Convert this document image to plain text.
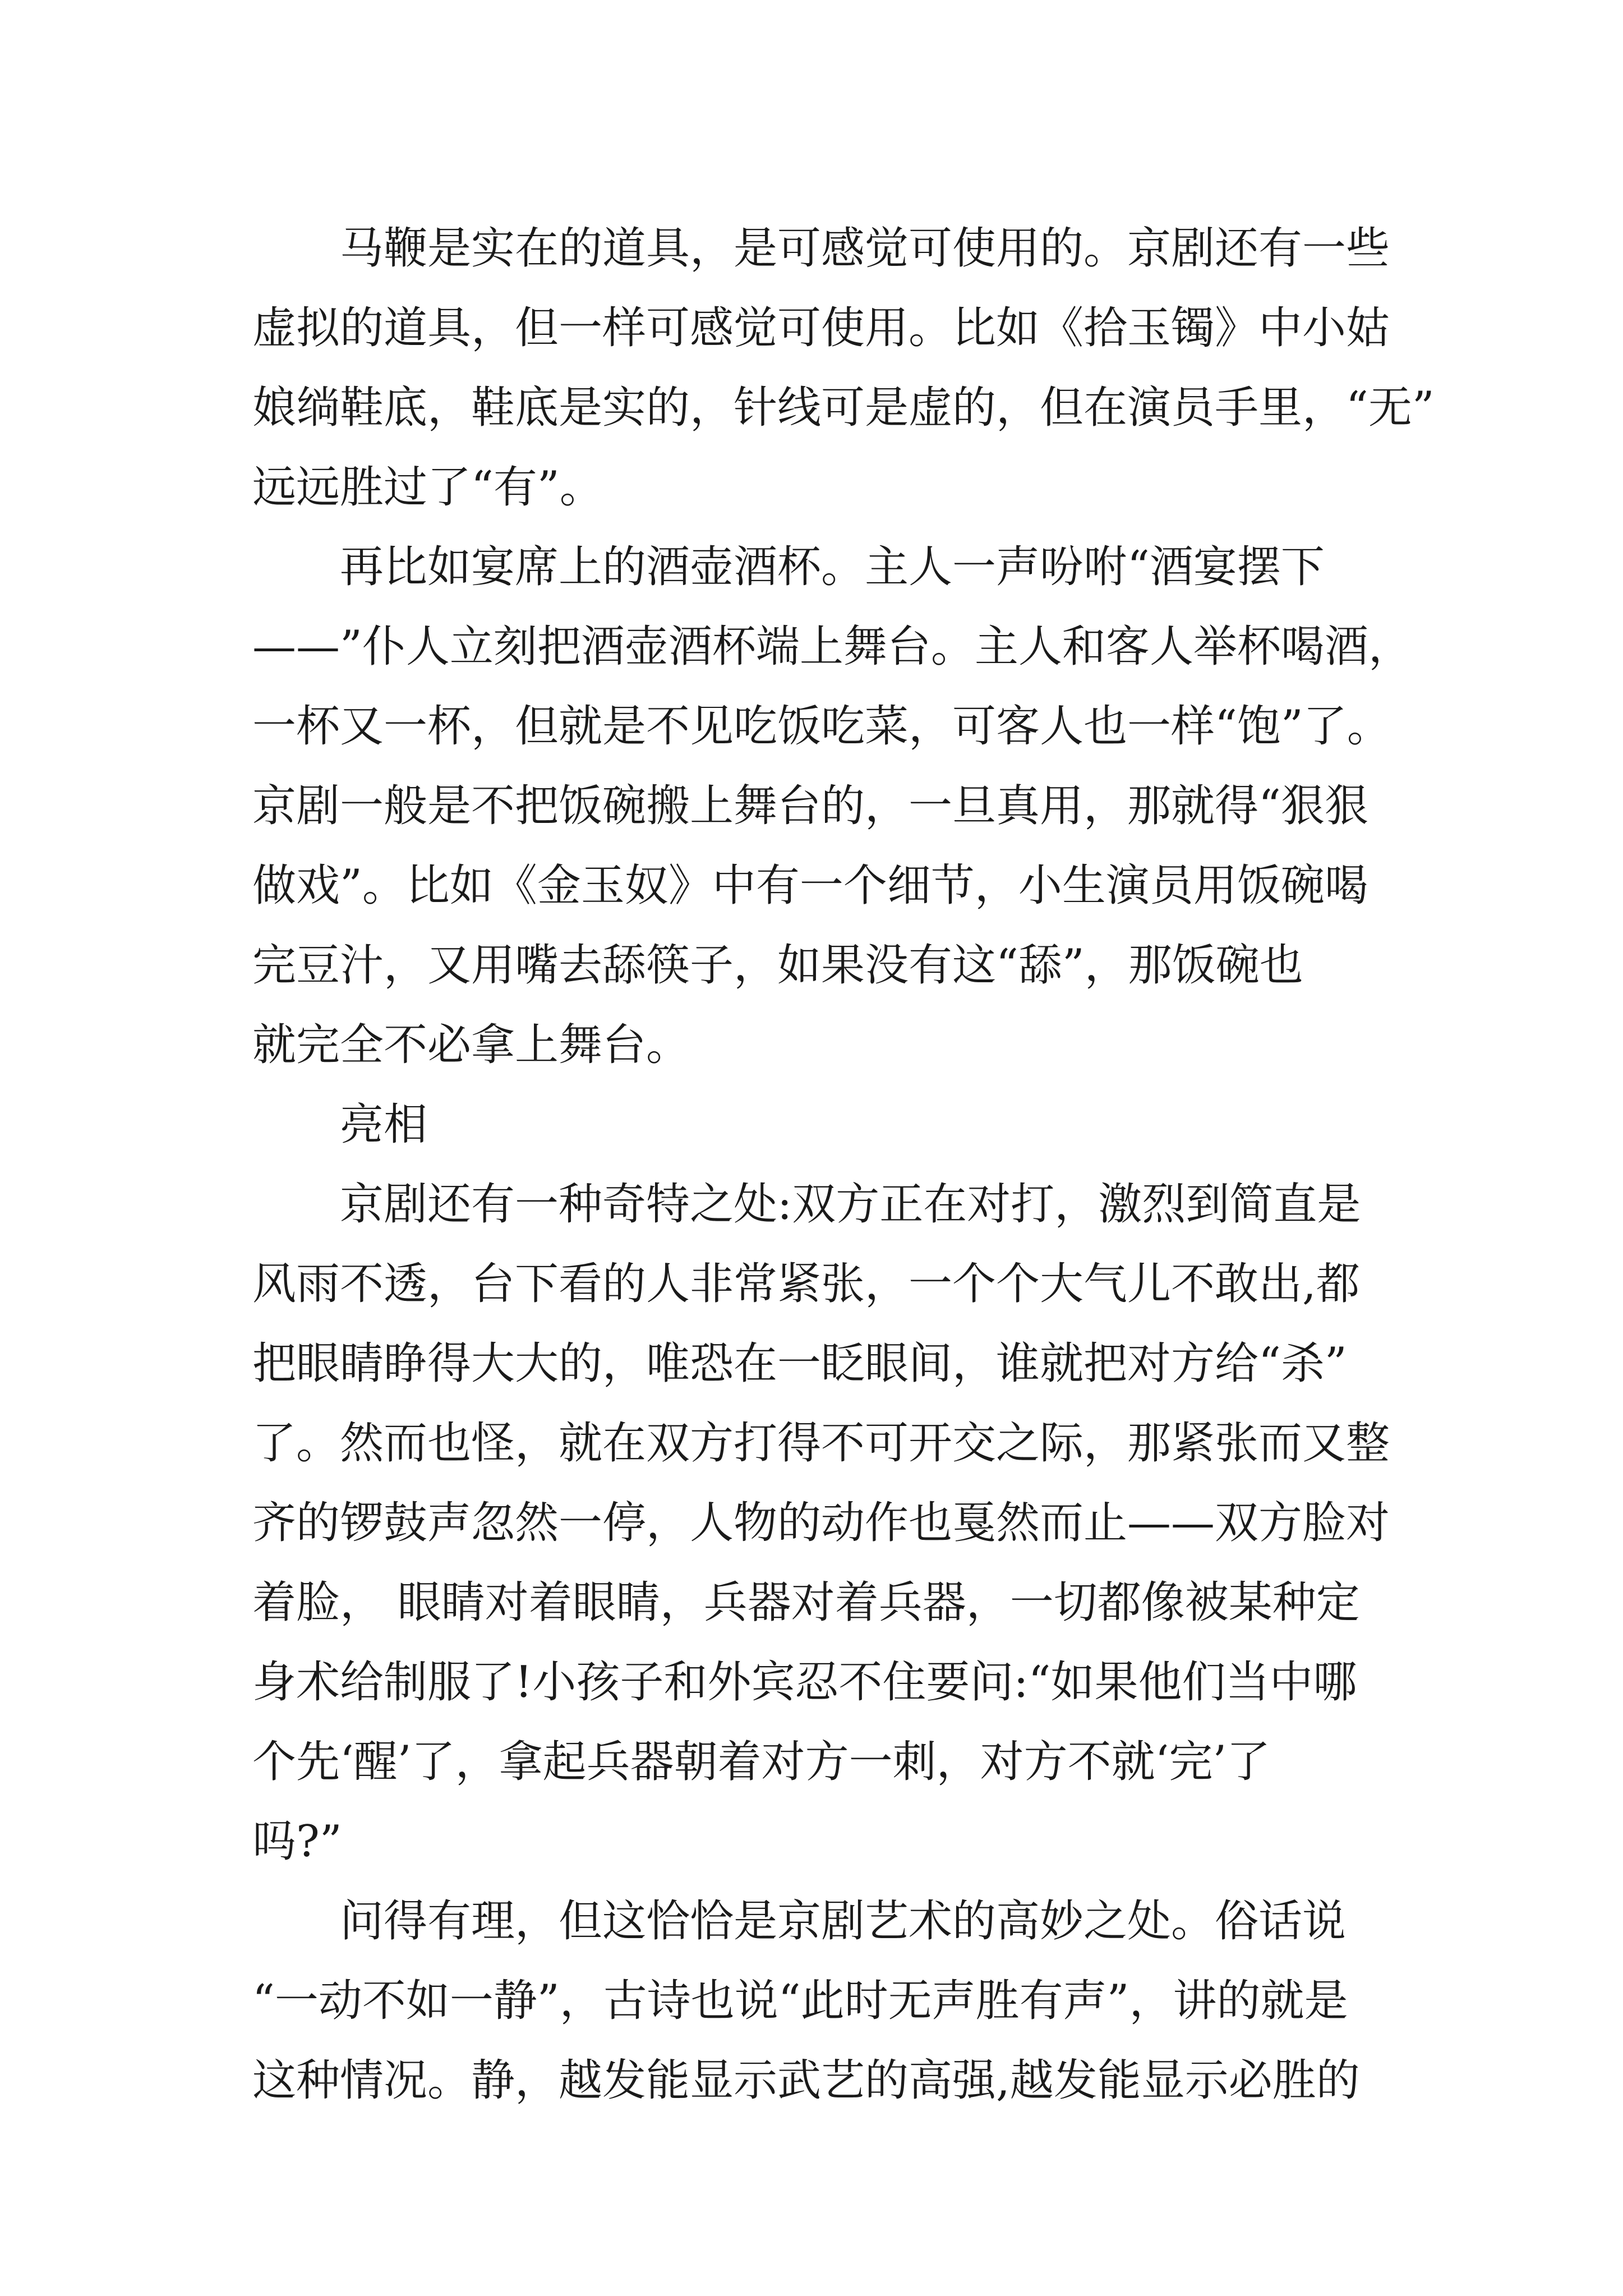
马鞭是实在的道具，是可感觉可使用的。京剧还有一些
虚拟的道具，但一样可感觉可使用。比如《拾玉镯》中小姑
娘绱鞋底，鞋底是实的，针线可是虚的，但在演员手里，“无”
远远胜过了“有”。
再比如宴席上的酒壶酒杯。主人一声吩咐“酒宴摆下
——”仆人立刻把酒壶酒杯端上舞台。主人和客人举杯喝酒，
一杯又一杯，但就是不见吃饭吃菜，可客人也一样“饱”了。
京剧一般是不把饭碗搬上舞台的，一旦真用，那就得“狠狠
做戏”。比如《金玉奴》中有一个细节，小生演员用饭碗喝
完豆汁，又用嘴去舔筷子，如果没有这“舔”，那饭碗也
就完全不必拿上舞台。
亮相
京剧还有一种奇特之处:双方正在对打，激烈到简直是
风雨不透，台下看的人非常紧张，一个个大气儿不敢出,都
把眼睛睁得大大的，唯恐在一眨眼间，谁就把对方给“杀”
了。然而也怪，就在双方打得不可开交之际，那紧张而又整
齐的锣鼓声忽然一停，人物的动作也戛然而止——双方脸对
着脸， 眼睛对着眼睛，兵器对着兵器，一切都像被某种定
身术给制服了!小孩子和外宾忍不住要问:“如果他们当中哪
个先‘醒’了，拿起兵器朝着对方一刺，对方不就‘完’了
吗?”
问得有理，但这恰恰是京剧艺术的高妙之处。俗话说
“一动不如一静”，古诗也说“此时无声胜有声”，讲的就是
这种情况。静，越发能显示武艺的高强,越发能显示必胜的
